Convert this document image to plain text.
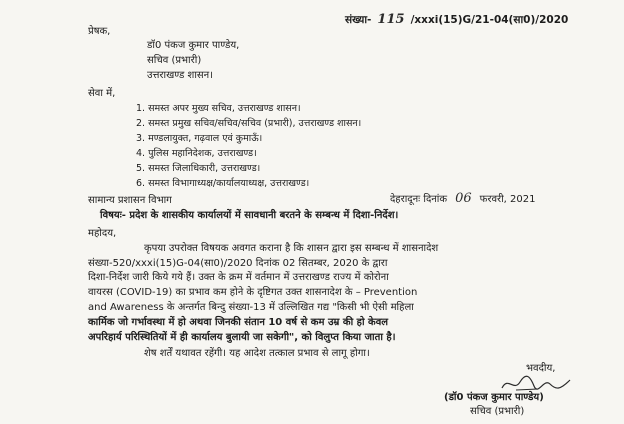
संख्या- 115 /xxxi(15)G/21-04(सा0)/2020
प्रेषक,
डॉ0 पंकज कुमार पाण्डेय,
सचिव (प्रभारी)
उत्तराखण्ड शासन।
सेवा में,
1. समस्त अपर मुख्य सचिव, उत्तराखण्ड शासन।
2. समस्त प्रमुख सचिव/सचिव/सचिव (प्रभारी), उत्तराखण्ड शासन।
3. मण्डलायुक्त, गढ़वाल एवं कुमाऊँ।
4. पुलिस महानिदेशक, उत्तराखण्ड।
5. समस्त जिलाधिकारी, उत्तराखण्ड।
6. समस्त विभागाध्यक्ष/कार्यालयाध्यक्ष, उत्तराखण्ड।
सामान्य प्रशासन विभाग	देहरादूनः दिनांक 06 फरवरी, 2021
विषयः- प्रदेश के शासकीय कार्यालयों में सावधानी बरतने के सम्बन्ध में दिशा-निर्देश।
महोदय,
कृपया उपरोक्त विषयक अवगत कराना है कि शासन द्वारा इस सम्बन्ध में शासनादेश
संख्या-520/xxxi(15)G-04(सा0)/2020 दिनांक 02 सितम्बर, 2020 के द्वारा
दिशा-निर्देश जारी किये गये हैं। उक्त के क्रम में वर्तमान में उत्तराखण्ड राज्य में कोरोना
वायरस (COVID-19) का प्रभाव कम होने के दृष्टिगत उक्त शासनादेश के – Prevention
and Awareness के अन्तर्गत बिन्दु संख्या-13 में उल्लिखित गद्य "किसी भी ऐसी महिला
कार्मिक जो गर्भावस्था में हो अथवा जिनकी संतान 10 वर्ष से कम उम्र की हो केवल
अपरिहार्य परिस्थितियों में ही कार्यालय बुलायी जा सकेगी", को विलुप्त किया जाता है।
शेष शर्तें यथावत रहेंगी। यह आदेश तत्काल प्रभाव से लागू होगा।
भवदीय,
(डॉ0 पंकज कुमार पाण्डेय)
सचिव (प्रभारी)
